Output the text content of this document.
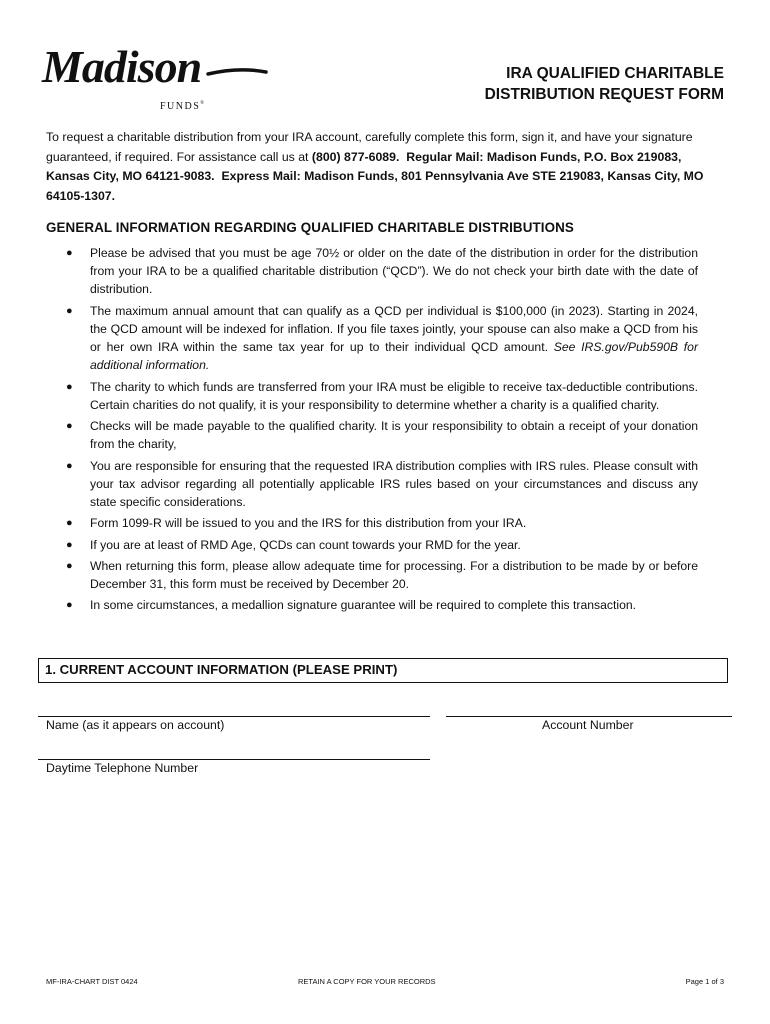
Madison
FUNDS®
IRA QUALIFIED CHARITABLE
DISTRIBUTION REQUEST FORM
To request a charitable distribution from your IRA account, carefully complete this form, sign it, and have your signature guaranteed, if required. For assistance call us at (800) 877-6089. Regular Mail: Madison Funds, P.O. Box 219083, Kansas City, MO 64121-9083. Express Mail: Madison Funds, 801 Pennsylvania Ave STE 219083, Kansas City, MO 64105-1307.
GENERAL INFORMATION REGARDING QUALIFIED CHARITABLE DISTRIBUTIONS
● Please be advised that you must be age 70½ or older on the date of the distribution in order for the distribution from your IRA to be a qualified charitable distribution (“QCD”). We do not check your birth date with the date of distribution.
● The maximum annual amount that can qualify as a QCD per individual is $100,000 (in 2023). Starting in 2024, the QCD amount will be indexed for inflation. If you file taxes jointly, your spouse can also make a QCD from his or her own IRA within the same tax year for up to their individual QCD amount. See IRS.gov/Pub590B for additional information.
● The charity to which funds are transferred from your IRA must be eligible to receive tax-deductible contributions. Certain charities do not qualify, it is your responsibility to determine whether a charity is a qualified charity.
● Checks will be made payable to the qualified charity. It is your responsibility to obtain a receipt of your donation from the charity,
● You are responsible for ensuring that the requested IRA distribution complies with IRS rules. Please consult with your tax advisor regarding all potentially applicable IRS rules based on your circumstances and discuss any state specific considerations.
● Form 1099-R will be issued to you and the IRS for this distribution from your IRA.
● If you are at least of RMD Age, QCDs can count towards your RMD for the year.
● When returning this form, please allow adequate time for processing. For a distribution to be made by or before December 31, this form must be received by December 20.
● In some circumstances, a medallion signature guarantee will be required to complete this transaction.
1. CURRENT ACCOUNT INFORMATION (PLEASE PRINT)
Name (as it appears on account)	Account Number
Daytime Telephone Number
MF-IRA-CHART DIST 0424	RETAIN A COPY FOR YOUR RECORDS	Page 1 of 3
